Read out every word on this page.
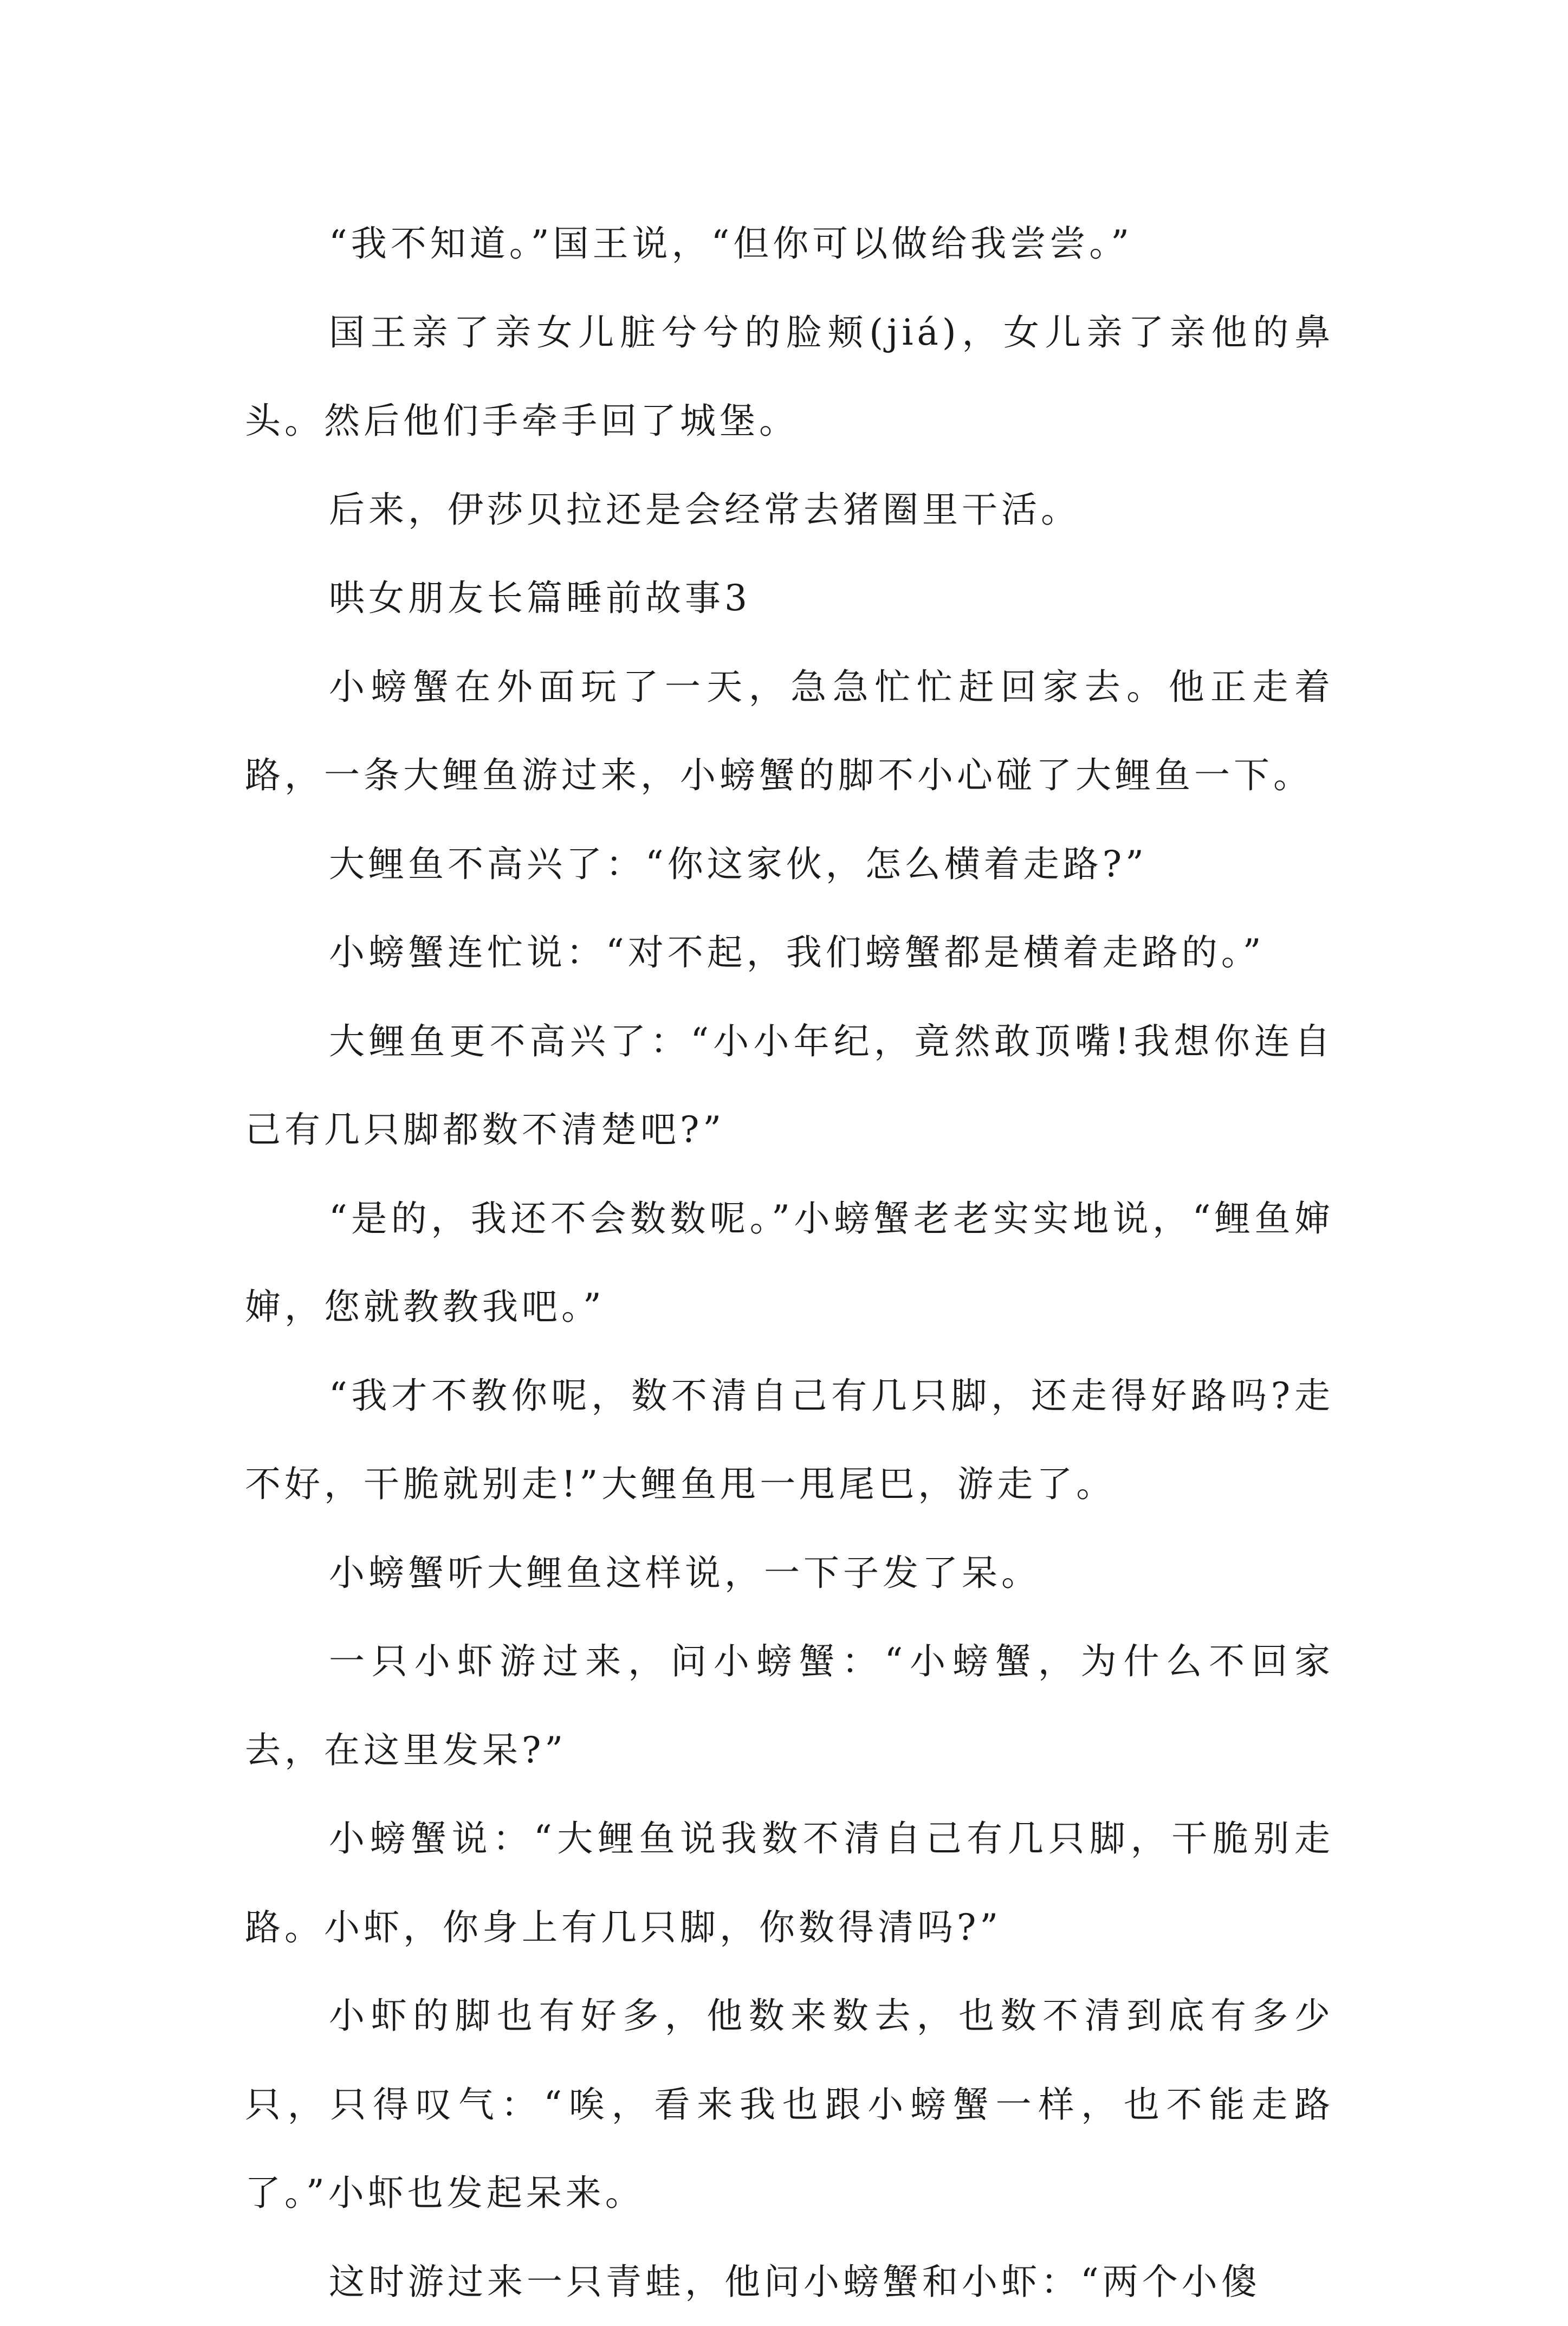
“我不知道。”国王说，“但你可以做给我尝尝。”

国王亲了亲女儿脏兮兮的脸颊(jiá)，女儿亲了亲他的鼻头。然后他们手牵手回了城堡。

后来，伊莎贝拉还是会经常去猪圈里干活。

哄女朋友长篇睡前故事3

小螃蟹在外面玩了一天，急急忙忙赶回家去。他正走着路，一条大鲤鱼游过来，小螃蟹的脚不小心碰了大鲤鱼一下。

大鲤鱼不高兴了：“你这家伙，怎么横着走路?”

小螃蟹连忙说：“对不起，我们螃蟹都是横着走路的。”

大鲤鱼更不高兴了：“小小年纪，竟然敢顶嘴!我想你连自己有几只脚都数不清楚吧?”

“是的，我还不会数数呢。”小螃蟹老老实实地说，“鲤鱼婶婶，您就教教我吧。”

“我才不教你呢，数不清自己有几只脚，还走得好路吗?走不好，干脆就别走!”大鲤鱼甩一甩尾巴，游走了。

小螃蟹听大鲤鱼这样说，一下子发了呆。

一只小虾游过来，问小螃蟹：“小螃蟹，为什么不回家去，在这里发呆?”

小螃蟹说：“大鲤鱼说我数不清自己有几只脚，干脆别走路。小虾，你身上有几只脚，你数得清吗?”

小虾的脚也有好多，他数来数去，也数不清到底有多少只，只得叹气：“唉，看来我也跟小螃蟹一样，也不能走路了。”小虾也发起呆来。

这时游过来一只青蛙，他问小螃蟹和小虾：“两个小傻
